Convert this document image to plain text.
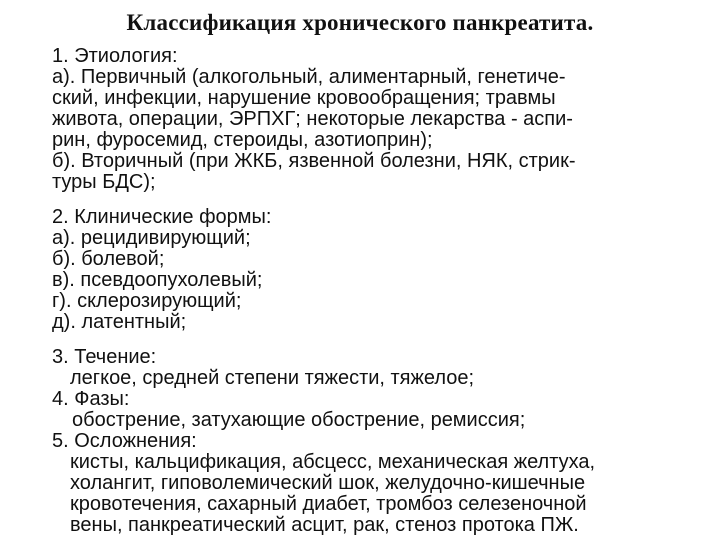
Классификация хронического панкреатита.
1. Этиология:
а). Первичный (алкогольный, алиментарный, генетиче-
ский, инфекции, нарушение кровообращения; травмы
живота, операции, ЭРПХГ; некоторые лекарства - аспи-
рин, фуросемид, стероиды, азотиоприн);
б). Вторичный (при ЖКБ, язвенной болезни, НЯК, стрик-
туры БДС);
2. Клинические формы:
а). рецидивирующий;
б). болевой;
в). псевдоопухолевый;
г). склерозирующий;
д). латентный;
3. Течение:
легкое, средней степени тяжести, тяжелое;
4. Фазы:
обострение, затухающие обострение, ремиссия;
5. Осложнения:
кисты, кальцификация, абсцесс, механическая желтуха,
холангит, гиповолемический шок, желудочно-кишечные
кровотечения, сахарный диабет, тромбоз селезеночной
вены, панкреатический асцит, рак, стеноз протока ПЖ.
